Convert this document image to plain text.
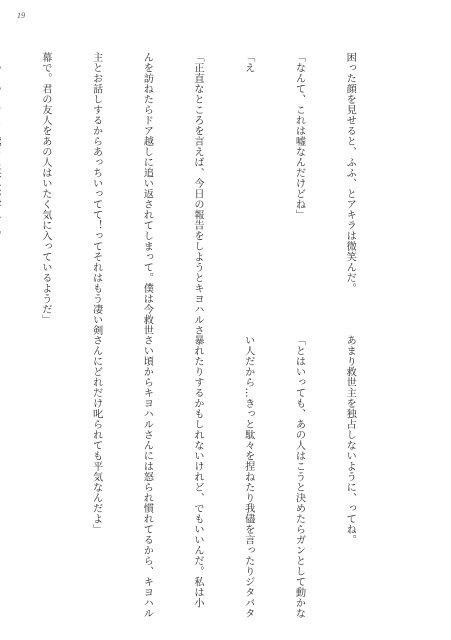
19

困った顔を見せると、ふふ、とアキラは微笑んだ。

「なんて、これは嘘なんだけどね」

「え

「正直なところを言えば、今日の報告をしようとキヨハルさ

んを訪ねたらドア越しに追い返されてしまって。僕は今救世

主とお話しするからあっちいってて！ってそれはもう凄い剣

幕で。君の友人をあの人はいたく気に入っているようだ」

あまり救世主を独占しないように、ってね。

「とはいっても、あの人はこうと決めたらガンとして動かな

い人だから…きっと駄々を捏ねたり我儘を言ったりジタバタ

暴れたりするかもしれないけれど、でもいいんだ。私は小

さい頃からキヨハルさんには怒られ慣れてるから、キヨハル

さんにどれだけ叱られても平気なんだよ」
